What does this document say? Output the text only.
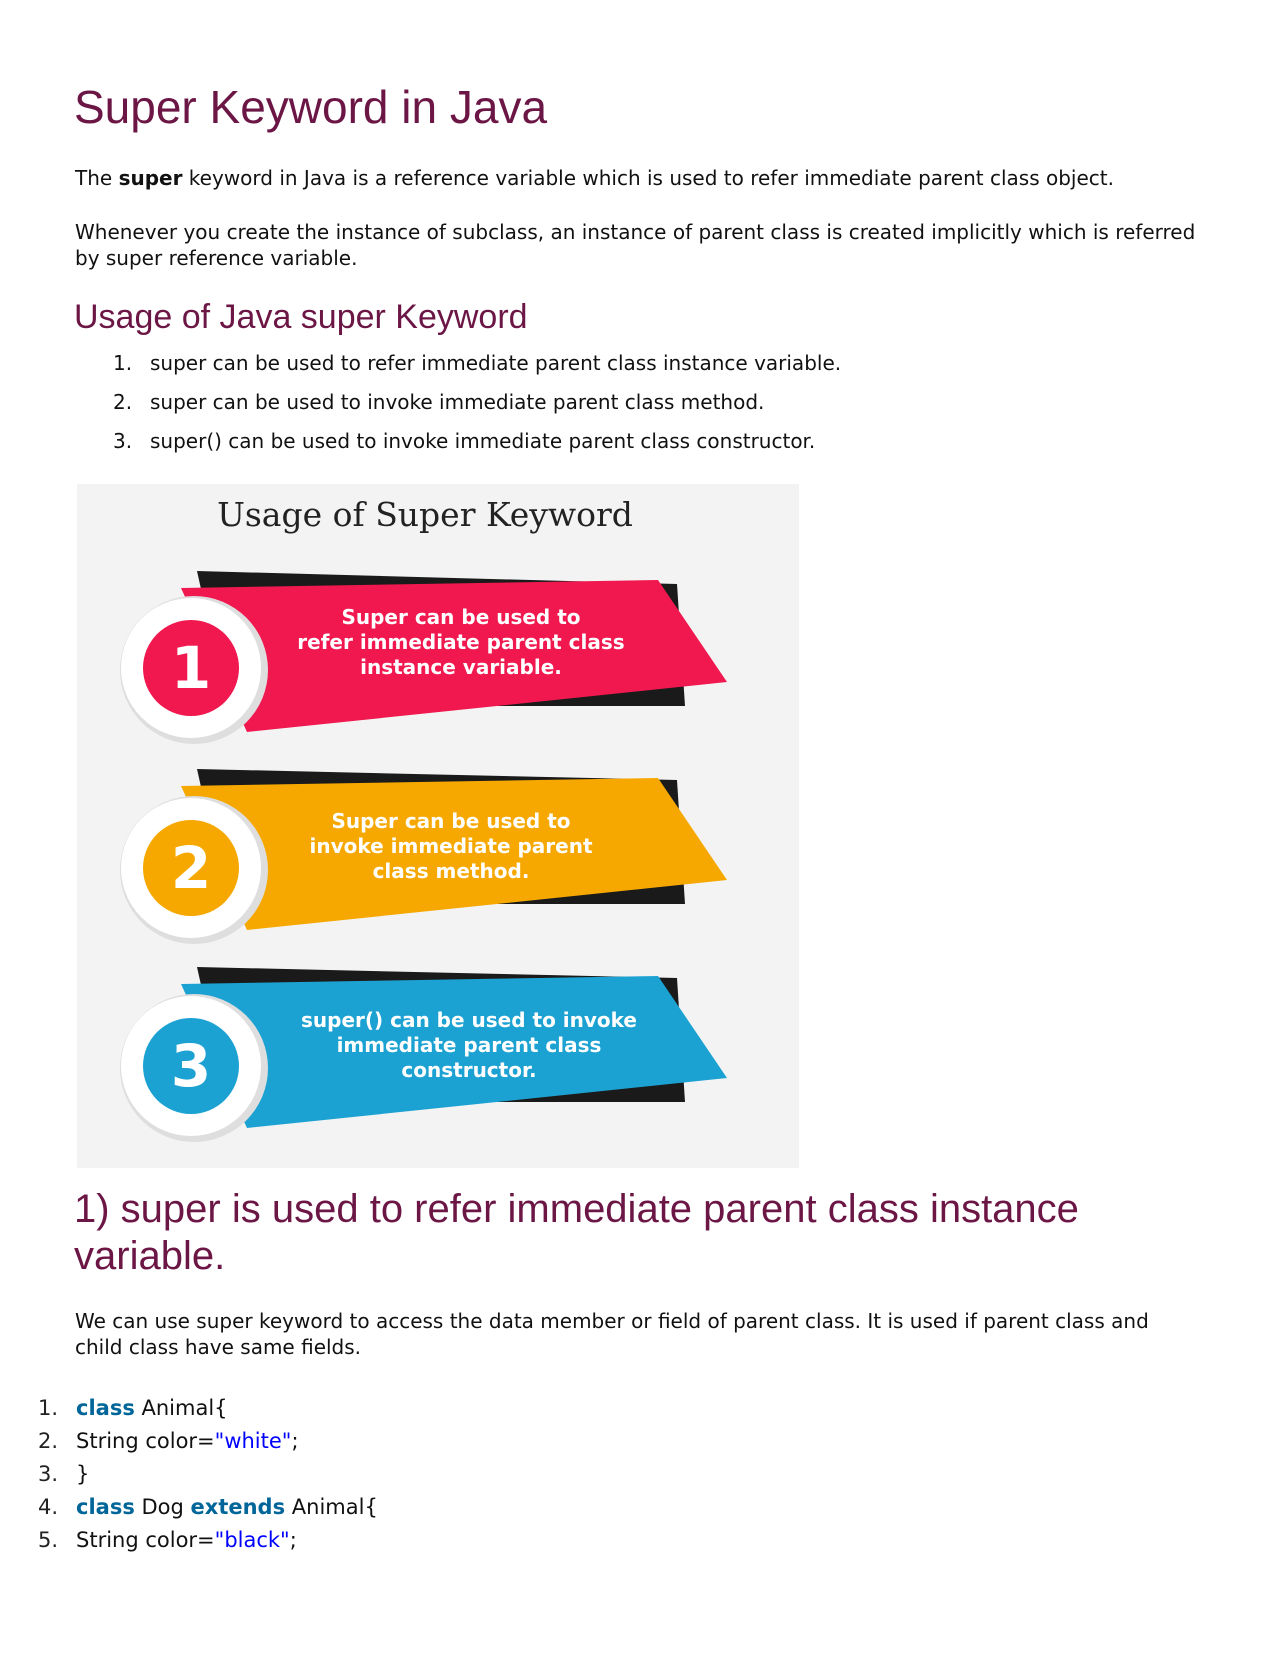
Super Keyword in Java

The super keyword in Java is a reference variable which is used to refer immediate parent class object.

Whenever you create the instance of subclass, an instance of parent class is created implicitly which is referred by super reference variable.

Usage of Java super Keyword
1. super can be used to refer immediate parent class instance variable.
2. super can be used to invoke immediate parent class method.
3. super() can be used to invoke immediate parent class constructor.
Usage of Super Keyword
1
Super can be used to
refer immediate parent class
instance variable.
2
Super can be used to
invoke immediate parent
class method.
3
super() can be used to invoke
immediate parent class
constructor.
1) super is used to refer immediate parent class instance variable.

We can use super keyword to access the data member or field of parent class. It is used if parent class and child class have same fields.

1. class Animal{
2. String color="white";
3. }
4. class Dog extends Animal{
5. String color="black";
